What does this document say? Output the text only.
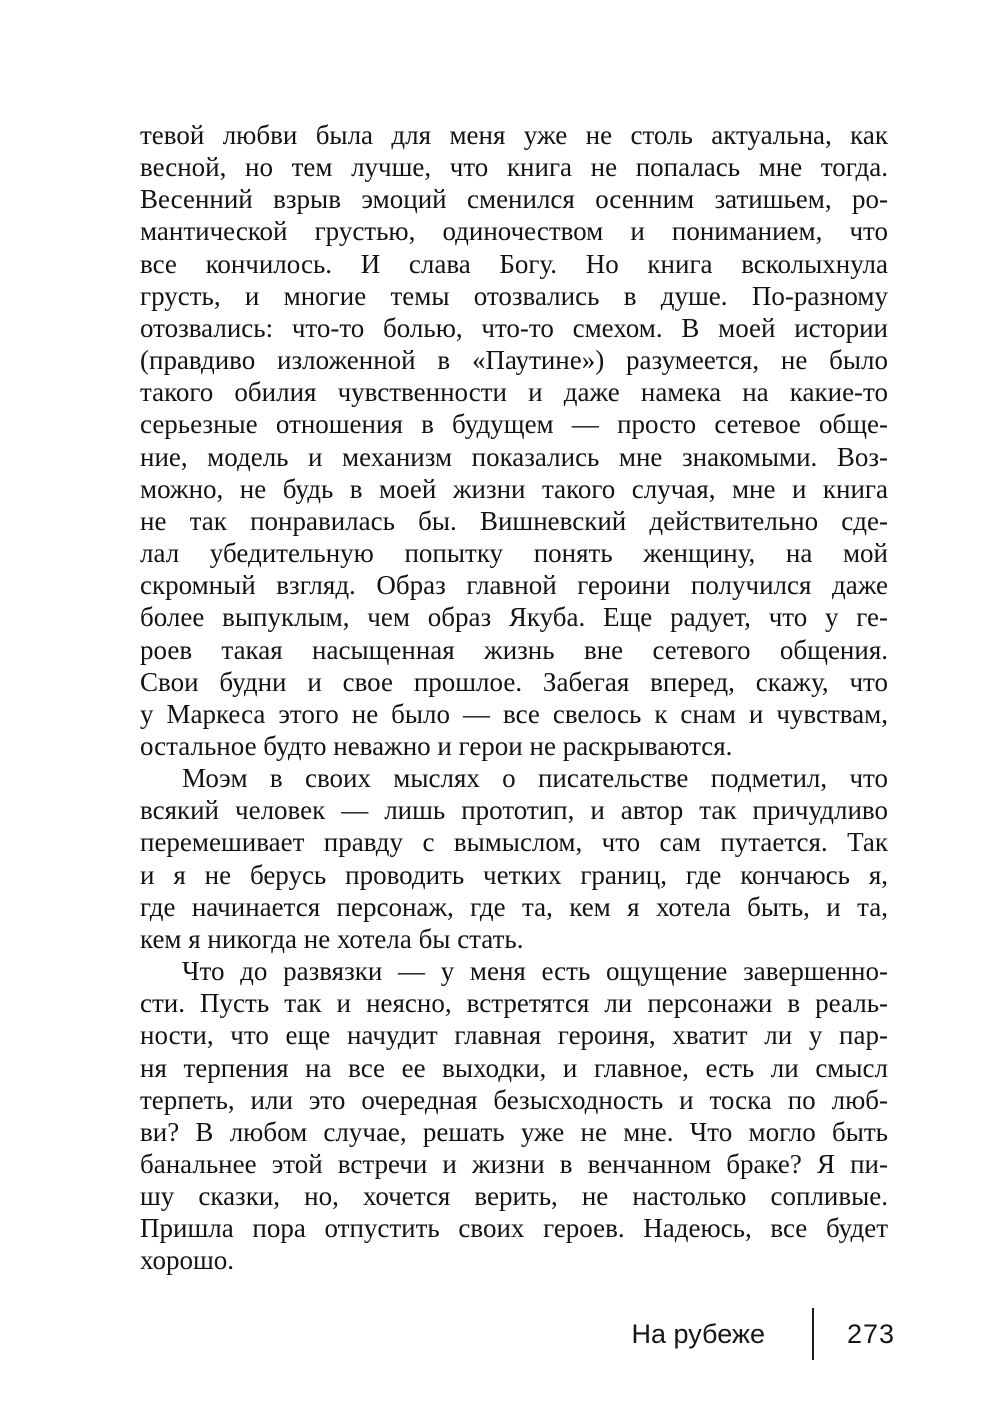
тевой любви была для меня уже не столь актуальна, как
весной, но тем лучше, что книга не попалась мне тогда.
Весенний взрыв эмоций сменился осенним затишьем, ро-
мантической грустью, одиночеством и пониманием, что
все кончилось. И слава Богу. Но книга всколыхнула
грусть, и многие темы отозвались в душе. По-разному
отозвались: что-то болью, что-то смехом. В моей истории
(правдиво изложенной в «Паутине») разумеется, не было
такого обилия чувственности и даже намека на какие-то
серьезные отношения в будущем — просто сетевое обще-
ние, модель и механизм показались мне знакомыми. Воз-
можно, не будь в моей жизни такого случая, мне и книга
не так понравилась бы. Вишневский действительно сде-
лал убедительную попытку понять женщину, на мой
скромный взгляд. Образ главной героини получился даже
более выпуклым, чем образ Якуба. Еще радует, что у ге-
роев такая насыщенная жизнь вне сетевого общения.
Свои будни и свое прошлое. Забегая вперед, скажу, что
у Маркеса этого не было — все свелось к снам и чувствам,
остальное будто неважно и герои не раскрываются.
Моэм в своих мыслях о писательстве подметил, что
всякий человек — лишь прототип, и автор так причудливо
перемешивает правду с вымыслом, что сам путается. Так
и я не берусь проводить четких границ, где кончаюсь я,
где начинается персонаж, где та, кем я хотела быть, и та,
кем я никогда не хотела бы стать.
Что до развязки — у меня есть ощущение завершенно-
сти. Пусть так и неясно, встретятся ли персонажи в реаль-
ности, что еще начудит главная героиня, хватит ли у пар-
ня терпения на все ее выходки, и главное, есть ли смысл
терпеть, или это очередная безысходность и тоска по люб-
ви? В любом случае, решать уже не мне. Что могло быть
банальнее этой встречи и жизни в венчанном браке? Я пи-
шу сказки, но, хочется верить, не настолько сопливые.
Пришла пора отпустить своих героев. Надеюсь, все будет
хорошо.
На рубеже	273
